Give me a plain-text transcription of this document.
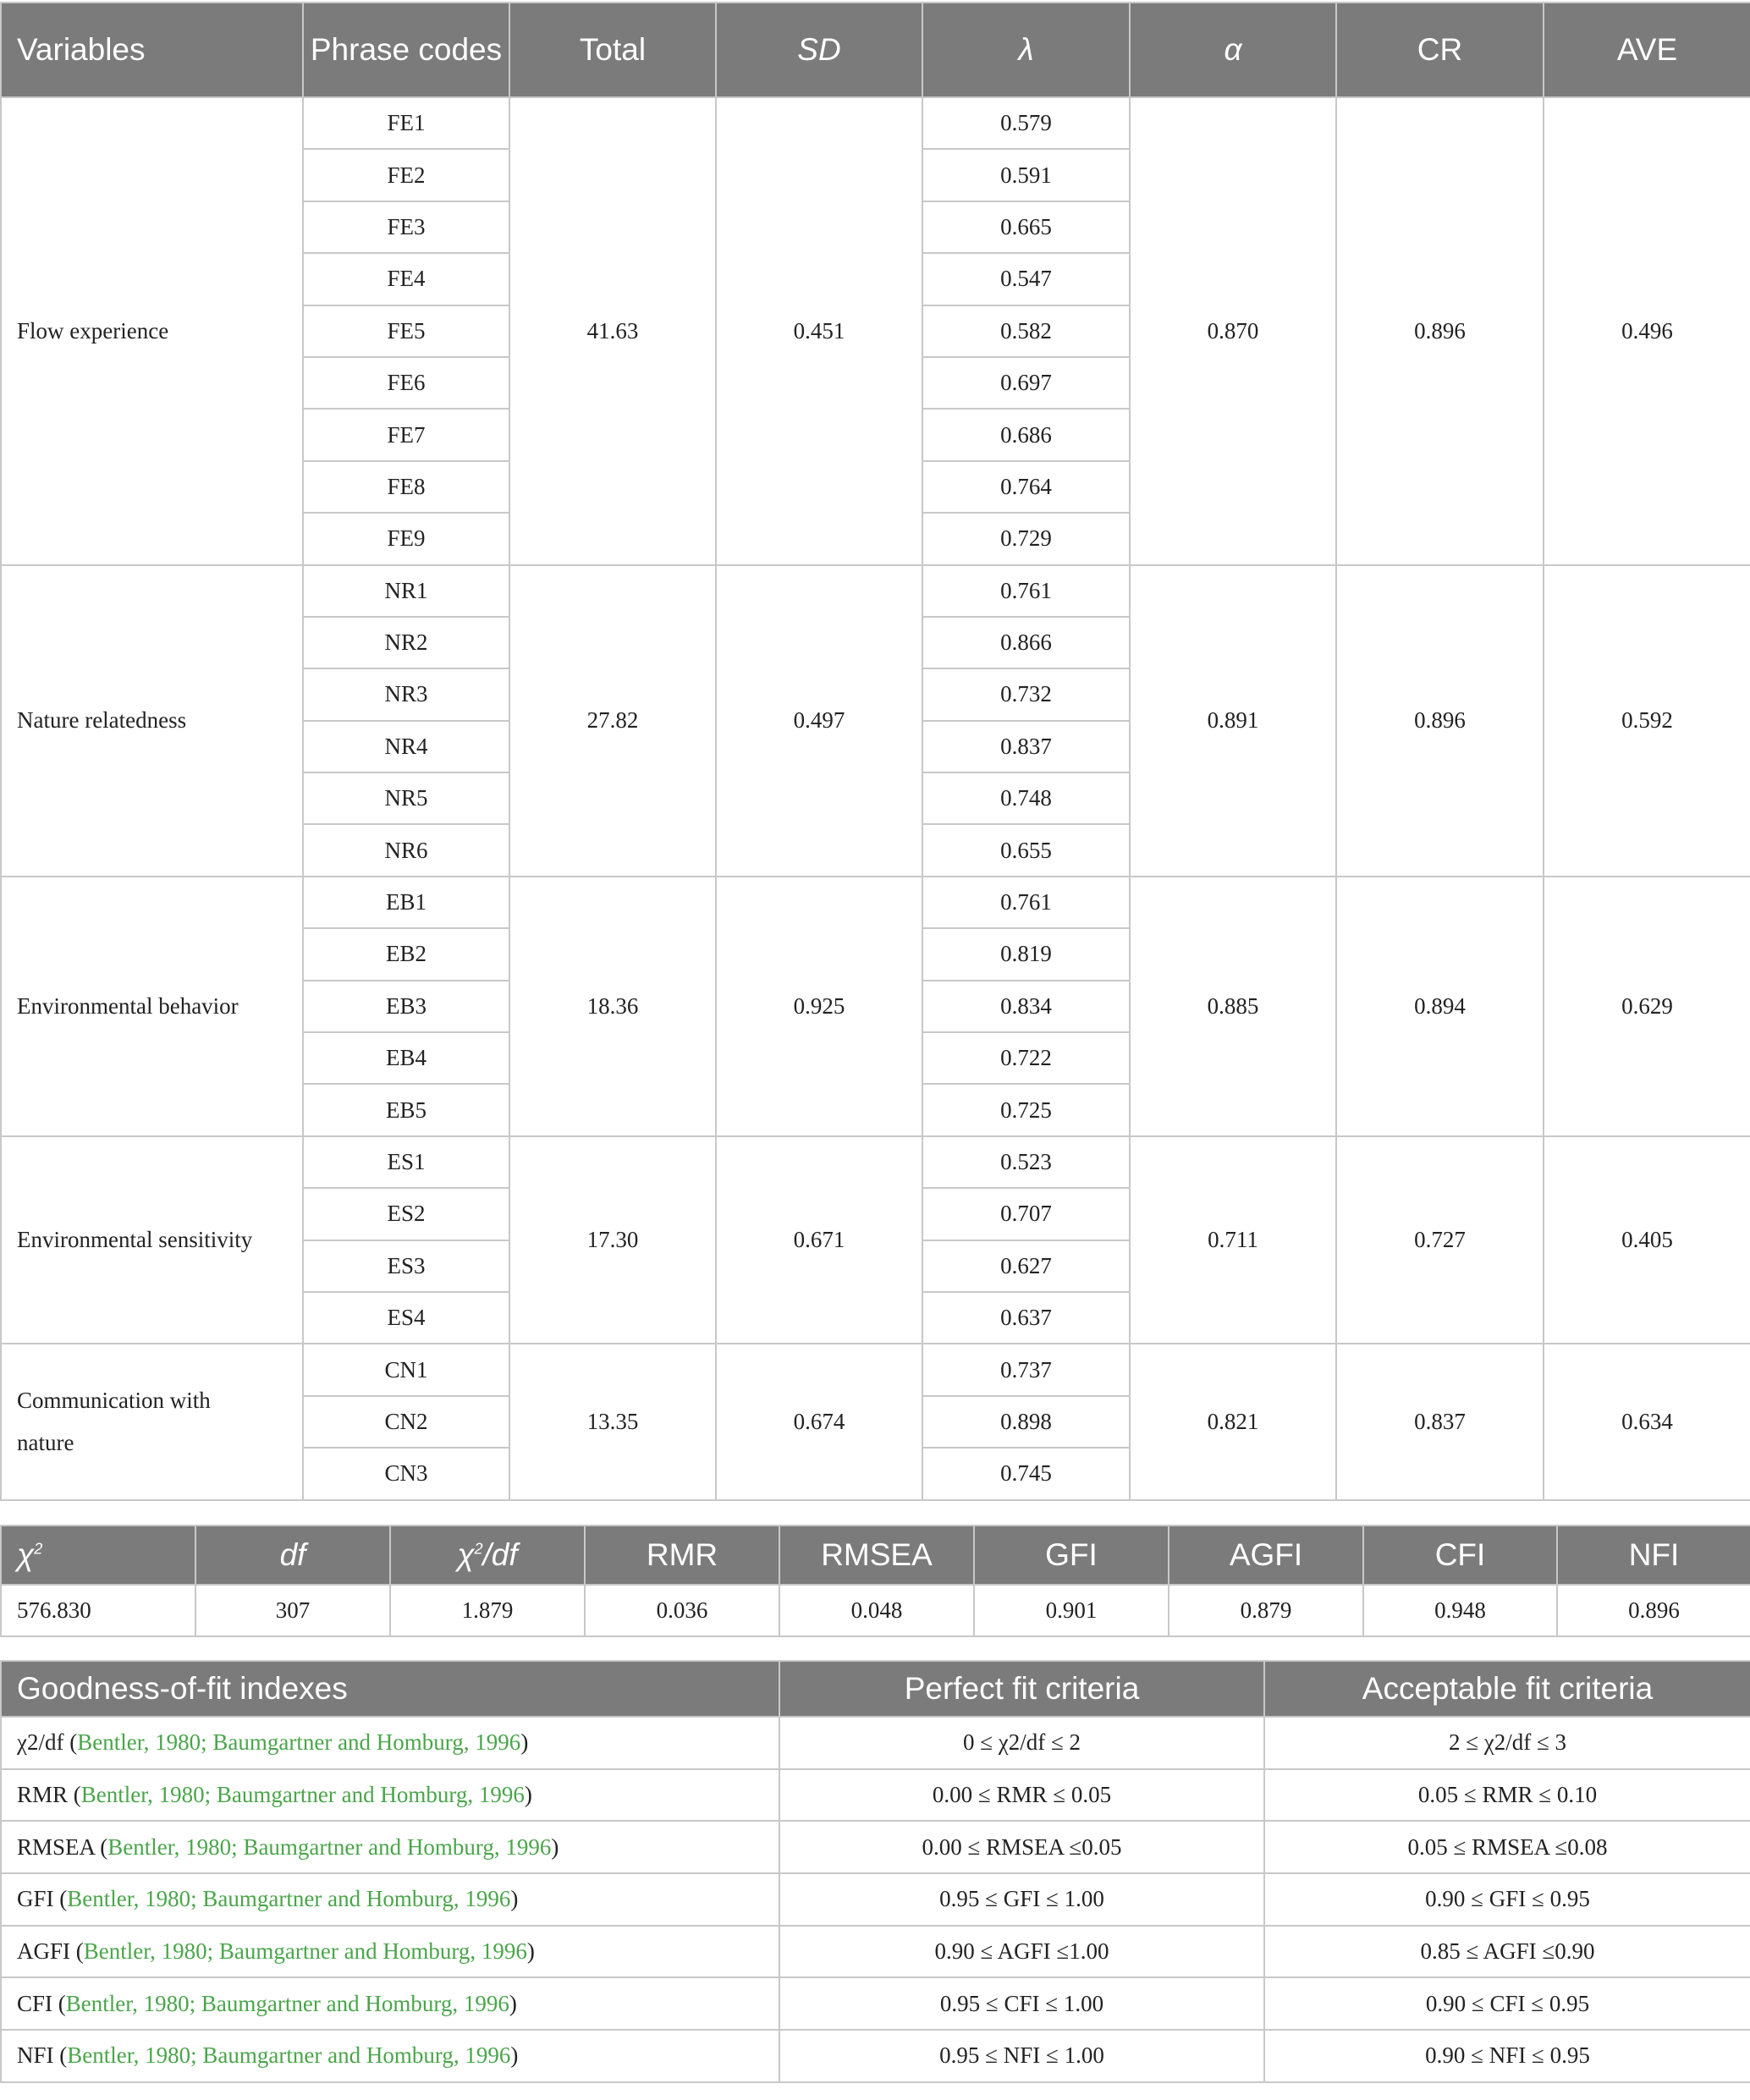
Variables	Phrase codes	Total	SD	λ	α	CR	AVE
Flow experience	FE1	41.63	0.451	0.579	0.870	0.896	0.496
	FE2			0.591			
	FE3			0.665			
	FE4			0.547			
	FE5			0.582			
	FE6			0.697			
	FE7			0.686			
	FE8			0.764			
	FE9			0.729			
Nature relatedness	NR1	27.82	0.497	0.761	0.891	0.896	0.592
	NR2			0.866			
	NR3			0.732			
	NR4			0.837			
	NR5			0.748			
	NR6			0.655			
Environmental behavior	EB1	18.36	0.925	0.761	0.885	0.894	0.629
	EB2			0.819			
	EB3			0.834			
	EB4			0.722			
	EB5			0.725			
Environmental sensitivity	ES1	17.30	0.671	0.523	0.711	0.727	0.405
	ES2			0.707			
	ES3			0.627			
	ES4			0.637			
Communication with nature	CN1	13.35	0.674	0.737	0.821	0.837	0.634
	CN2			0.898			
	CN3			0.745			
$\chi^2$	df	$\chi^2/df$	RMR	RMSEA	GFI	AGFI	CFI	NFI
576.830	307	1.879	0.036	0.048	0.901	0.879	0.948	0.896
Goodness-of-fit indexes	Perfect fit criteria	Acceptable fit criteria
χ2/df (Bentler, 1980; Baumgartner and Homburg, 1996)	0 ≤ χ2/df ≤ 2	2 ≤ χ2/df ≤ 3
RMR (Bentler, 1980; Baumgartner and Homburg, 1996)	0.00 ≤ RMR ≤ 0.05	0.05 ≤ RMR ≤ 0.10
RMSEA (Bentler, 1980; Baumgartner and Homburg, 1996)	0.00 ≤ RMSEA ≤0.05	0.05 ≤ RMSEA ≤0.08
GFI (Bentler, 1980; Baumgartner and Homburg, 1996)	0.95 ≤ GFI ≤ 1.00	0.90 ≤ GFI ≤ 0.95
AGFI (Bentler, 1980; Baumgartner and Homburg, 1996)	0.90 ≤ AGFI ≤1.00	0.85 ≤ AGFI ≤0.90
CFI (Bentler, 1980; Baumgartner and Homburg, 1996)	0.95 ≤ CFI ≤ 1.00	0.90 ≤ CFI ≤ 0.95
NFI (Bentler, 1980; Baumgartner and Homburg, 1996)	0.95 ≤ NFI ≤ 1.00	0.90 ≤ NFI ≤ 0.95
